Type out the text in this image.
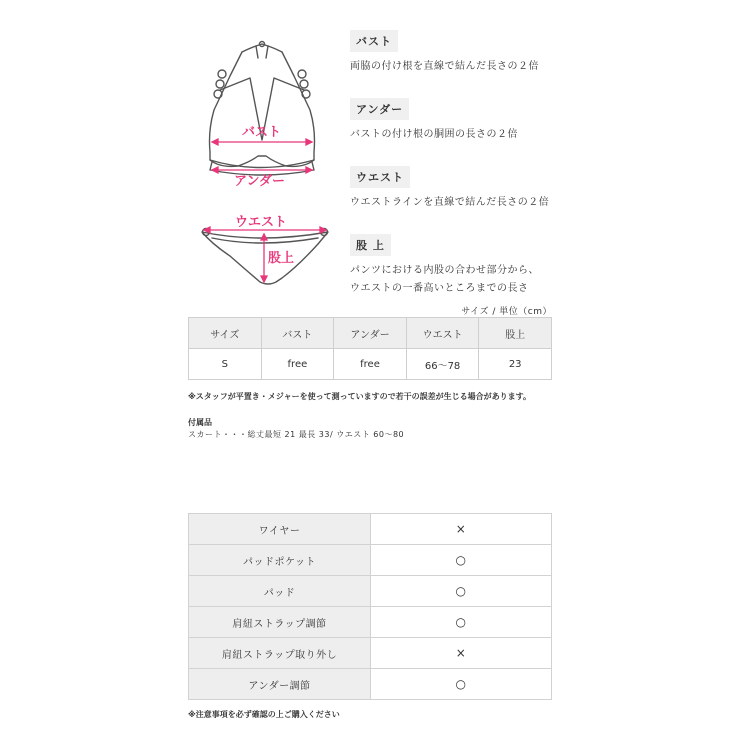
バスト
アンダー
ウエスト
股上
バスト
両脇の付け根を直線で結んだ長さの２倍
アンダー
バストの付け根の胴囲の長さの２倍
ウエスト
ウエストラインを直線で結んだ長さの２倍
股 上
パンツにおける内股の合わせ部分から、
ウエストの一番高いところまでの長さ
サイズ / 単位（cm）
サイズ	バスト	アンダー	ウエスト	股上
S	free	free	66〜78	23
※スタッフが平置き・メジャーを使って測っていますので若干の誤差が生じる場合があります。
付属品
スカート・・・総丈最短 21 最長 33/ ウエスト 60〜80
ワイヤー	×
パッドポケット	○
パッド	○
肩紐ストラップ調節	○
肩紐ストラップ取り外し	×
アンダー調節	○
※注意事項を必ず確認の上ご購入ください
